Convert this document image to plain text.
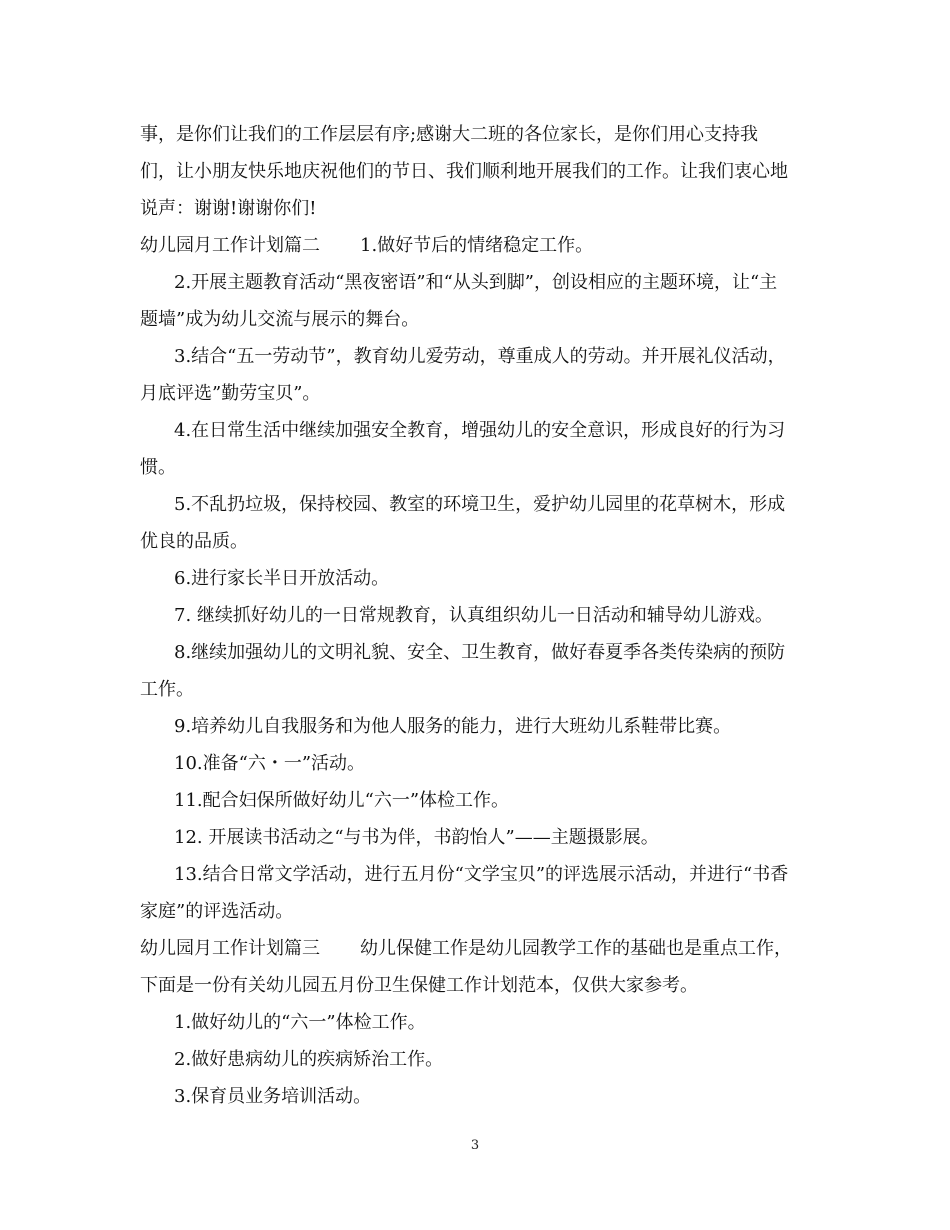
事，是你们让我们的工作层层有序;感谢大二班的各位家长，是你们用心支持我
们，让小朋友快乐地庆祝他们的节日、我们顺利地开展我们的工作。让我们衷心地
说声：谢谢!谢谢你们!
幼儿园月工作计划篇二 1.做好节后的情绪稳定工作。
2.开展主题教育活动“黑夜密语”和“从头到脚”，创设相应的主题环境，让“主
题墙”成为幼儿交流与展示的舞台。
3.结合“五一劳动节”，教育幼儿爱劳动，尊重成人的劳动。并开展礼仪活动，
月底评选”勤劳宝贝”。
4.在日常生活中继续加强安全教育，增强幼儿的安全意识，形成良好的行为习
惯。
5.不乱扔垃圾，保持校园、教室的环境卫生，爱护幼儿园里的花草树木，形成
优良的品质。
6.进行家长半日开放活动。
7. 继续抓好幼儿的一日常规教育，认真组织幼儿一日活动和辅导幼儿游戏。
8.继续加强幼儿的文明礼貌、安全、卫生教育，做好春夏季各类传染病的预防
工作。
9.培养幼儿自我服务和为他人服务的能力，进行大班幼儿系鞋带比赛。
10.准备“六・一”活动。
11.配合妇保所做好幼儿“六一”体检工作。
12. 开展读书活动之“与书为伴，书韵怡人”——主题摄影展。
13.结合日常文学活动，进行五月份“文学宝贝”的评选展示活动，并进行“书香
家庭”的评选活动。
幼儿园月工作计划篇三 幼儿保健工作是幼儿园教学工作的基础也是重点工作，
下面是一份有关幼儿园五月份卫生保健工作计划范本，仅供大家参考。
1.做好幼儿的“六一”体检工作。
2.做好患病幼儿的疾病矫治工作。
3.保育员业务培训活动。
3
